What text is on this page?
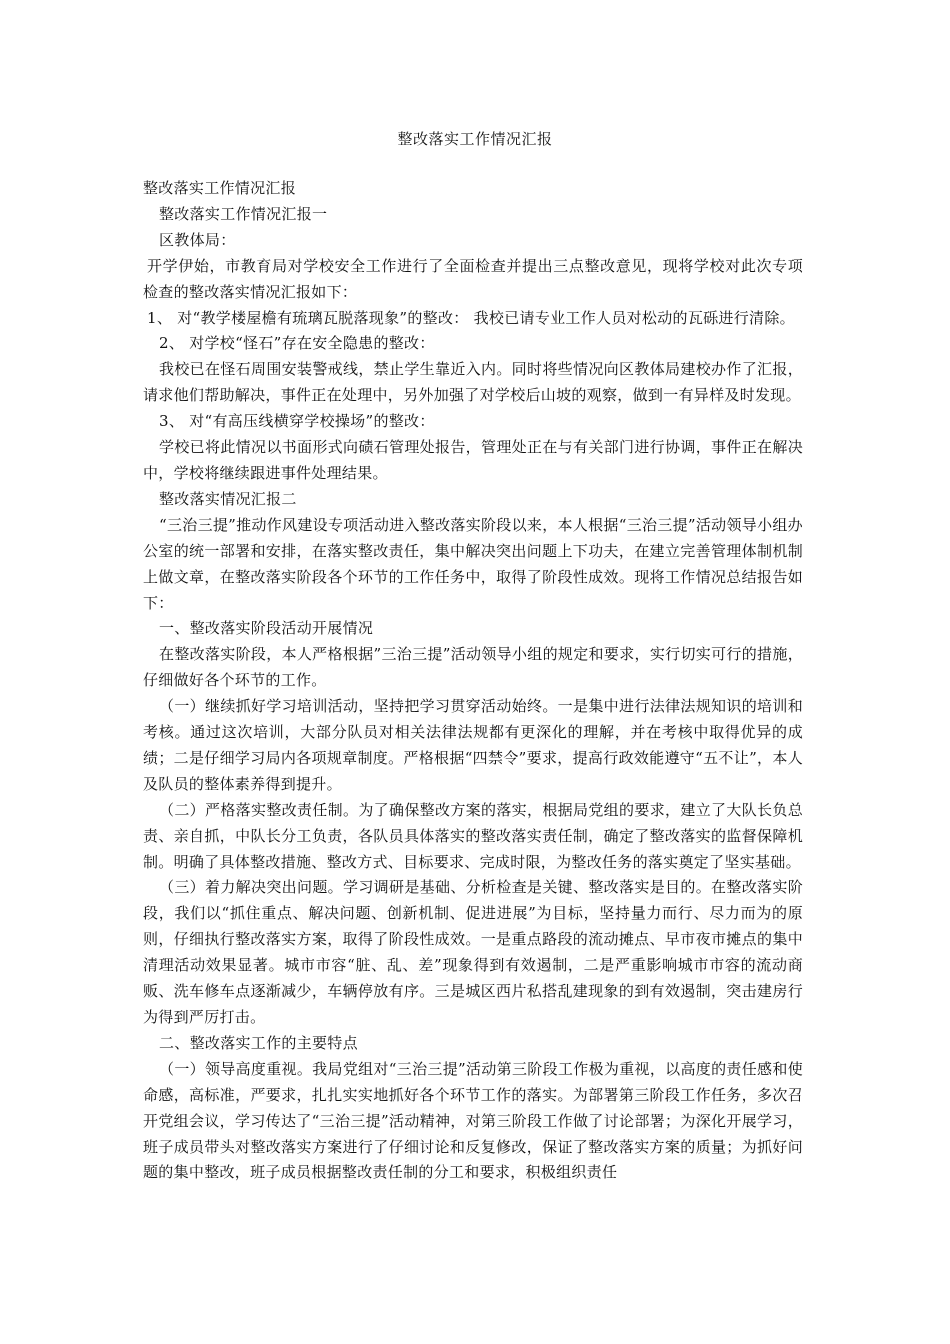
整改落实工作情况汇报

整改落实工作情况汇报

整改落实工作情况汇报一

区教体局：

开学伊始，市教育局对学校安全工作进行了全面检查并提出三点整改意见，现将学校对此次专项检查的整改落实情况汇报如下：

1、 对“教学楼屋檐有琉璃瓦脱落现象”的整改： 我校已请专业工作人员对松动的瓦砾进行清除。

2、 对学校“怪石”存在安全隐患的整改：

我校已在怪石周围安装警戒线，禁止学生靠近入内。同时将些情况向区教体局建校办作了汇报，请求他们帮助解决，事件正在处理中，另外加强了对学校后山坡的观察，做到一有异样及时发现。

3、 对“有高压线横穿学校操场”的整改：

学校已将此情况以书面形式向碛石管理处报告，管理处正在与有关部门进行协调，事件正在解决中，学校将继续跟进事件处理结果。

整改落实情况汇报二

“三治三提”推动作风建设专项活动进入整改落实阶段以来，本人根据“三治三提”活动领导小组办公室的统一部署和安排，在落实整改责任，集中解决突出问题上下功夫，在建立完善管理体制机制上做文章，在整改落实阶段各个环节的工作任务中，取得了阶段性成效。现将工作情况总结报告如下：

一、整改落实阶段活动开展情况

在整改落实阶段，本人严格根据”三治三提”活动领导小组的规定和要求，实行切实可行的措施，仔细做好各个环节的工作。

（一）继续抓好学习培训活动，坚持把学习贯穿活动始终。一是集中进行法律法规知识的培训和考核。通过这次培训，大部分队员对相关法律法规都有更深化的理解，并在考核中取得优异的成绩；二是仔细学习局内各项规章制度。严格根据“四禁令”要求，提高行政效能遵守“五不让”，本人及队员的整体素养得到提升。

（二）严格落实整改责任制。为了确保整改方案的落实，根据局党组的要求，建立了大队长负总责、亲自抓，中队长分工负责，各队员具体落实的整改落实责任制，确定了整改落实的监督保障机制。明确了具体整改措施、整改方式、目标要求、完成时限，为整改任务的落实奠定了坚实基础。

（三）着力解决突出问题。学习调研是基础、分析检查是关键、整改落实是目的。在整改落实阶段，我们以“抓住重点、解决问题、创新机制、促进进展”为目标，坚持量力而行、尽力而为的原则，仔细执行整改落实方案，取得了阶段性成效。一是重点路段的流动摊点、早市夜市摊点的集中清理活动效果显著。城市市容“脏、乱、差”现象得到有效遏制，二是严重影响城市市容的流动商贩、洗车修车点逐渐减少，车辆停放有序。三是城区西片私搭乱建现象的到有效遏制，突击建房行为得到严厉打击。

二、整改落实工作的主要特点

（一）领导高度重视。我局党组对“三治三提”活动第三阶段工作极为重视，以高度的责任感和使命感，高标准，严要求，扎扎实实地抓好各个环节工作的落实。为部署第三阶段工作任务，多次召开党组会议，学习传达了“三治三提”活动精神，对第三阶段工作做了讨论部署；为深化开展学习，班子成员带头对整改落实方案进行了仔细讨论和反复修改，保证了整改落实方案的质量；为抓好问题的集中整改，班子成员根据整改责任制的分工和要求，积极组织责任
